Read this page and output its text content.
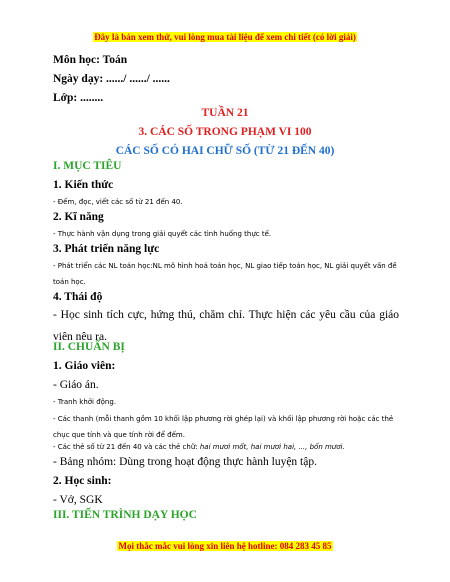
Đây là bản xem thử, vui lòng mua tài liệu để xem chi tiết (có lời giải)
Môn học: Toán
Ngày dạy: ....../ ....../ ......
Lớp: ........
TUẦN 21
3. CÁC SỐ TRONG PHẠM VI 100
CÁC SỐ CÓ HAI CHỮ SỐ (TỪ 21 ĐẾN 40)
I. MỤC TIÊU
1. Kiến thức
- Đếm, đọc, viết các số từ 21 đến 40.
2. Kĩ năng
- Thực hành vận dụng trong giải quyết các tình huống thực tế.
3. Phát triển năng lực
- Phát triển các NL toán học:NL mô hình hoá toán học, NL giao tiếp toán học, NL giải quyết vấn đề toán học.
4. Thái độ
- Học sinh tích cực, hứng thú, chăm chỉ. Thực hiện các yêu cầu của giáo viên nêu ra.
II. CHUẨN BỊ
1. Giáo viên:
- Giáo án.
- Tranh khởi động.
- Các thanh (mỗi thanh gồm 10 khối lập phương rời ghép lại) và khối lập phương rời hoặc các thẻ chục que tính và que tính rời để đếm.
- Các thẻ số từ 21 đến 40 và các thẻ chữ: hai mươi mốt, hai mươi hai, ..., bốn mươi.
- Bảng nhóm: Dùng trong hoạt động thực hành luyện tập.
2. Học sinh:
- Vở, SGK
III. TIẾN TRÌNH DẠY HỌC
Mọi thắc mắc vui lòng xin liên hệ hotline: 084 283 45 85
